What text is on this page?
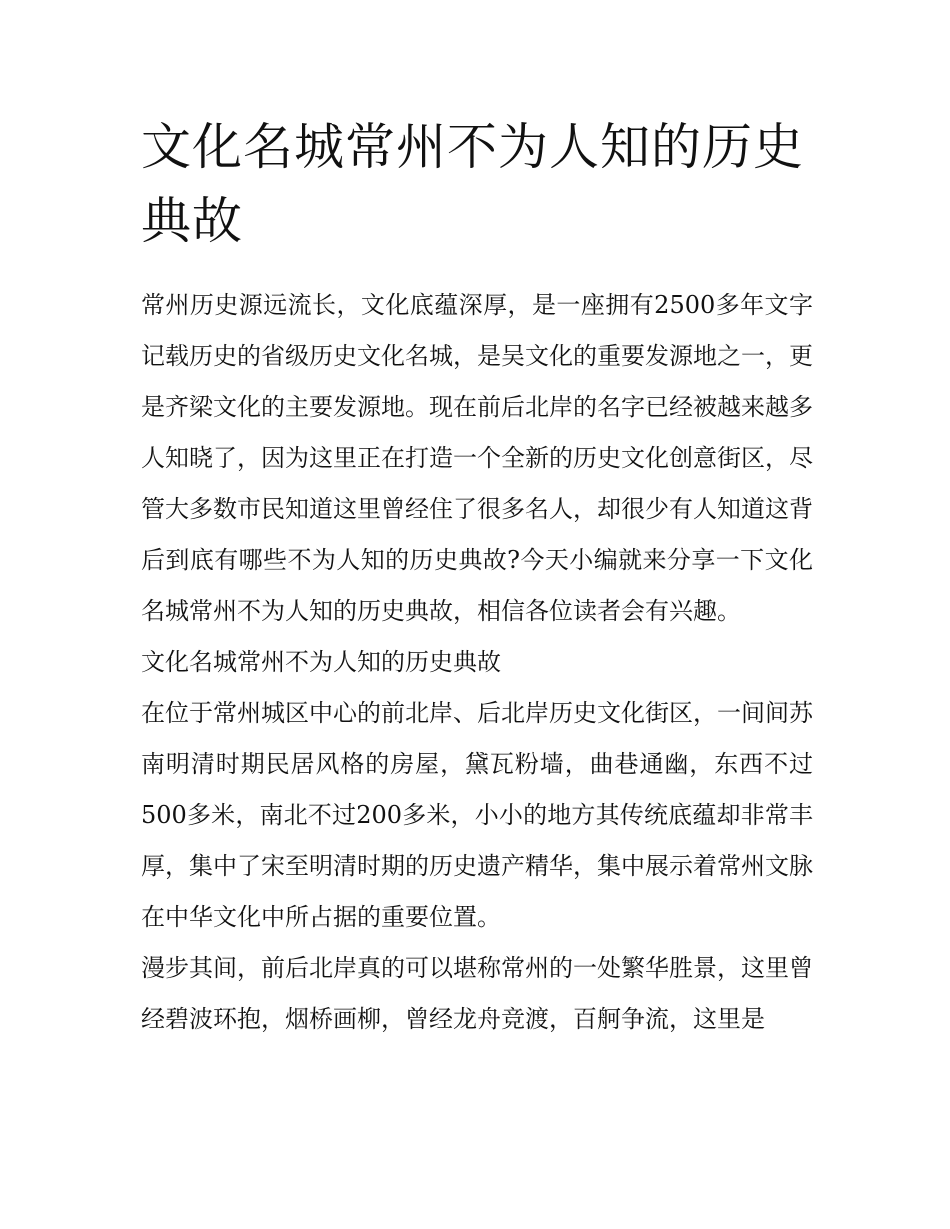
文化名城常州不为人知的历史典故

常州历史源远流长，文化底蕴深厚，是一座拥有2500多年文字记载历史的省级历史文化名城，是吴文化的重要发源地之一，更是齐梁文化的主要发源地。现在前后北岸的名字已经被越来越多人知晓了，因为这里正在打造一个全新的历史文化创意街区，尽管大多数市民知道这里曾经住了很多名人，却很少有人知道这背后到底有哪些不为人知的历史典故?今天小编就来分享一下文化名城常州不为人知的历史典故，相信各位读者会有兴趣。

文化名城常州不为人知的历史典故

在位于常州城区中心的前北岸、后北岸历史文化街区，一间间苏南明清时期民居风格的房屋，黛瓦粉墙，曲巷通幽，东西不过500多米，南北不过200多米，小小的地方其传统底蕴却非常丰厚，集中了宋至明清时期的历史遗产精华，集中展示着常州文脉在中华文化中所占据的重要位置。

漫步其间，前后北岸真的可以堪称常州的一处繁华胜景，这里曾经碧波环抱，烟桥画柳，曾经龙舟竞渡，百舸争流，这里是
